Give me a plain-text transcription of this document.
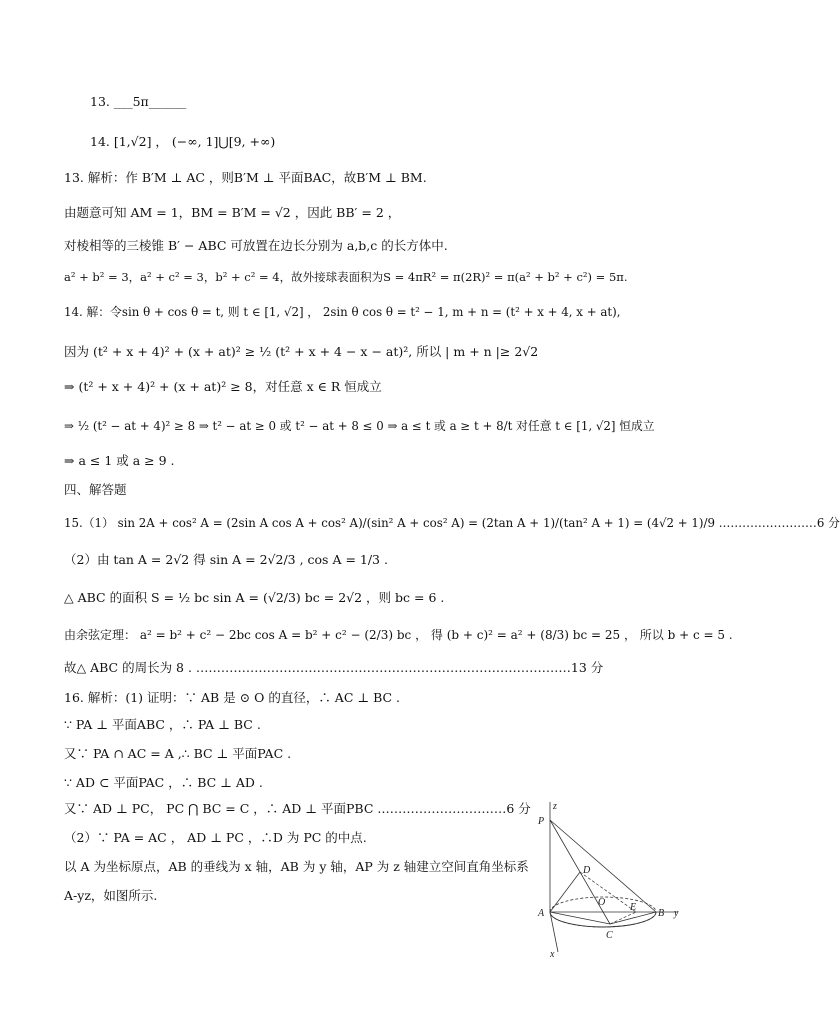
13. ___5π______
14. [1,√2] ， (−∞, 1]⋃[9, +∞)
13. 解析：作 B′M ⊥ AC ，则B′M ⊥ 平面BAC，故B′M ⊥ BM.
由题意可知 AM = 1，BM = B′M = √2 ，因此 BB′ = 2 ，
对棱相等的三棱锥 B′ − ABC 可放置在边长分别为 a,b,c 的长方体中.
a² + b² = 3，a² + c² = 3，b² + c² = 4，故外接球表面积为S = 4πR² = π(2R)² = π(a² + b² + c²) = 5π.
14. 解：令sin θ + cos θ = t, 则 t ∈ [1, √2] ， 2sin θ cos θ = t² − 1, m + n = (t² + x + 4, x + at),
因为 (t² + x + 4)² + (x + at)² ≥ ½ (t² + x + 4 − x − at)², 所以 | m + n |≥ 2√2
⇒ (t² + x + 4)² + (x + at)² ≥ 8，对任意 x ∈ R 恒成立
⇒ ½ (t² − at + 4)² ≥ 8 ⇒ t² − at ≥ 0 或 t² − at + 8 ≤ 0 ⇒ a ≤ t 或 a ≥ t + 8/t 对任意 t ∈ [1, √2] 恒成立
⇒ a ≤ 1 或 a ≥ 9 .
四、解答题
15.（1） sin 2A + cos² A = (2sin A cos A + cos² A)/(sin² A + cos² A) = (2tan A + 1)/(tan² A + 1) = (4√2 + 1)/9 .……………………6 分
（2）由 tan A = 2√2 得 sin A = 2√2/3 , cos A = 1/3 .
△ ABC 的面积 S = ½ bc sin A = (√2/3) bc = 2√2 ，则 bc = 6 .
由余弦定理： a² = b² + c² − 2bc cos A = b² + c² − (2/3) bc ， 得 (b + c)² = a² + (8/3) bc = 25 ， 所以 b + c = 5 .
故△ ABC 的周长为 8 . ………………………………………………………………………………13 分
16. 解析：(1) 证明：∵ AB 是 ⊙ O 的直径，∴ AC ⊥ BC .
∵ PA ⊥ 平面ABC ，∴ PA ⊥ BC .
又∵ PA ∩ AC = A ,∴ BC ⊥ 平面PAC .
∵ AD ⊂ 平面PAC ，∴ BC ⊥ AD .
又∵ AD ⊥ PC， PC ⋂ BC = C ，∴ AD ⊥ 平面PBC .…………………………6 分
（2）∵ PA = AC ， AD ⊥ PC ，∴D 为 PC 的中点.
以 A 为坐标原点，AB 的垂线为 x 轴，AB 为 y 轴，AP 为 z 轴建立空间直角坐标系
A-yz，如图所示.
z
P
D
O E
A	B y
C
x
